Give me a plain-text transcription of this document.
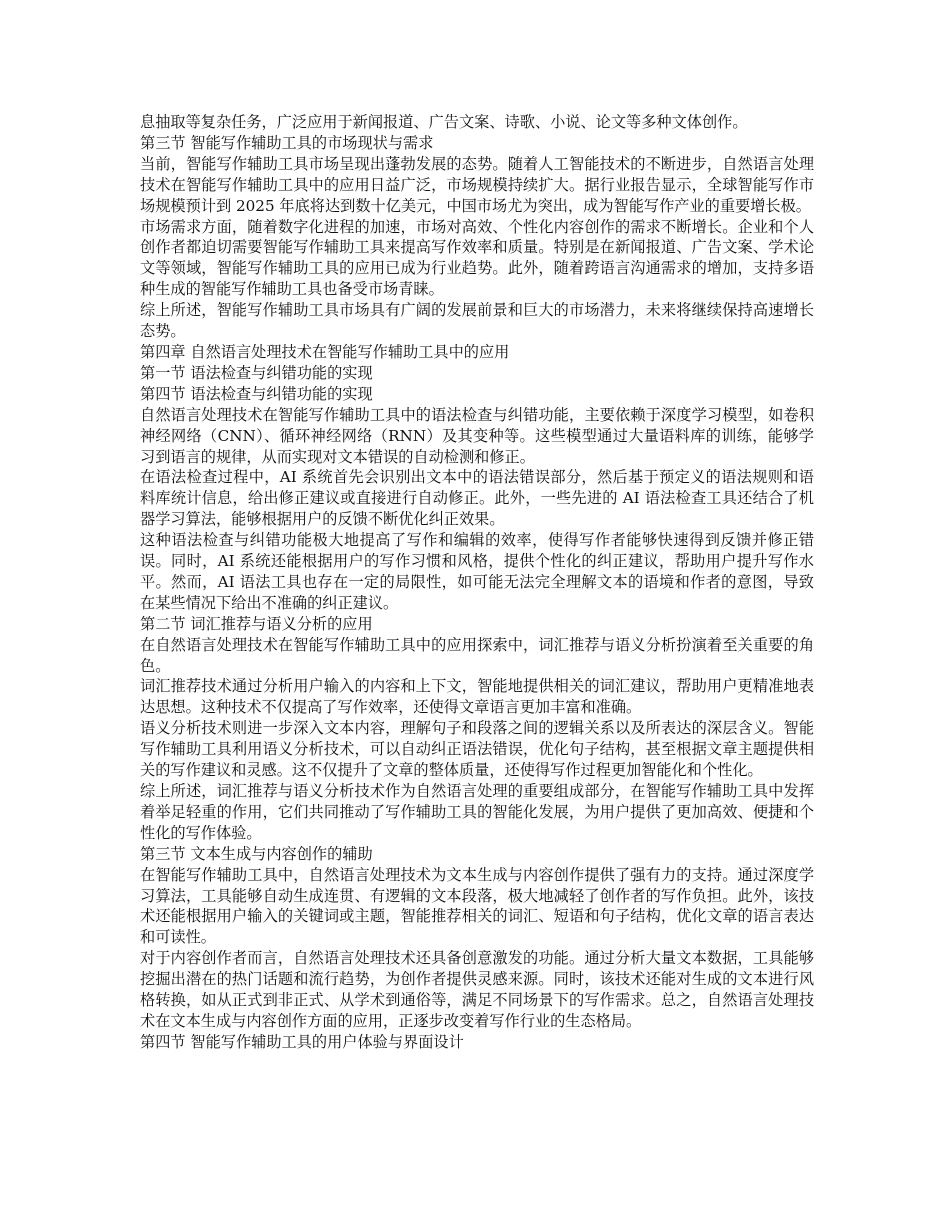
息抽取等复杂任务，广泛应用于新闻报道、广告文案、诗歌、小说、论文等多种文体创作。

第三节 智能写作辅助工具的市场现状与需求

当前，智能写作辅助工具市场呈现出蓬勃发展的态势。随着人工智能技术的不断进步，自然语言处理技术在智能写作辅助工具中的应用日益广泛，市场规模持续扩大。据行业报告显示，全球智能写作市场规模预计到 2025 年底将达到数十亿美元，中国市场尤为突出，成为智能写作产业的重要增长极。

市场需求方面，随着数字化进程的加速，市场对高效、个性化内容创作的需求不断增长。企业和个人创作者都迫切需要智能写作辅助工具来提高写作效率和质量。特别是在新闻报道、广告文案、学术论文等领域，智能写作辅助工具的应用已成为行业趋势。此外，随着跨语言沟通需求的增加，支持多语种生成的智能写作辅助工具也备受市场青睐。

综上所述，智能写作辅助工具市场具有广阔的发展前景和巨大的市场潜力，未来将继续保持高速增长态势。

第四章 自然语言处理技术在智能写作辅助工具中的应用

第一节 语法检查与纠错功能的实现

第四节 语法检查与纠错功能的实现

自然语言处理技术在智能写作辅助工具中的语法检查与纠错功能，主要依赖于深度学习模型，如卷积神经网络（CNN）、循环神经网络（RNN）及其变种等。这些模型通过大量语料库的训练，能够学习到语言的规律，从而实现对文本错误的自动检测和修正。

在语法检查过程中，AI 系统首先会识别出文本中的语法错误部分，然后基于预定义的语法规则和语料库统计信息，给出修正建议或直接进行自动修正。此外，一些先进的 AI 语法检查工具还结合了机器学习算法，能够根据用户的反馈不断优化纠正效果。

这种语法检查与纠错功能极大地提高了写作和编辑的效率，使得写作者能够快速得到反馈并修正错误。同时，AI 系统还能根据用户的写作习惯和风格，提供个性化的纠正建议，帮助用户提升写作水平。然而，AI 语法工具也存在一定的局限性，如可能无法完全理解文本的语境和作者的意图，导致在某些情况下给出不准确的纠正建议。

第二节 词汇推荐与语义分析的应用

在自然语言处理技术在智能写作辅助工具中的应用探索中，词汇推荐与语义分析扮演着至关重要的角色。

词汇推荐技术通过分析用户输入的内容和上下文，智能地提供相关的词汇建议，帮助用户更精准地表达思想。这种技术不仅提高了写作效率，还使得文章语言更加丰富和准确。

语义分析技术则进一步深入文本内容，理解句子和段落之间的逻辑关系以及所表达的深层含义。智能写作辅助工具利用语义分析技术，可以自动纠正语法错误，优化句子结构，甚至根据文章主题提供相关的写作建议和灵感。这不仅提升了文章的整体质量，还使得写作过程更加智能化和个性化。

综上所述，词汇推荐与语义分析技术作为自然语言处理的重要组成部分，在智能写作辅助工具中发挥着举足轻重的作用，它们共同推动了写作辅助工具的智能化发展，为用户提供了更加高效、便捷和个性化的写作体验。

第三节 文本生成与内容创作的辅助

在智能写作辅助工具中，自然语言处理技术为文本生成与内容创作提供了强有力的支持。通过深度学习算法，工具能够自动生成连贯、有逻辑的文本段落，极大地减轻了创作者的写作负担。此外，该技术还能根据用户输入的关键词或主题，智能推荐相关的词汇、短语和句子结构，优化文章的语言表达和可读性。

对于内容创作者而言，自然语言处理技术还具备创意激发的功能。通过分析大量文本数据，工具能够挖掘出潜在的热门话题和流行趋势，为创作者提供灵感来源。同时，该技术还能对生成的文本进行风格转换，如从正式到非正式、从学术到通俗等，满足不同场景下的写作需求。总之，自然语言处理技术在文本生成与内容创作方面的应用，正逐步改变着写作行业的生态格局。

第四节 智能写作辅助工具的用户体验与界面设计
